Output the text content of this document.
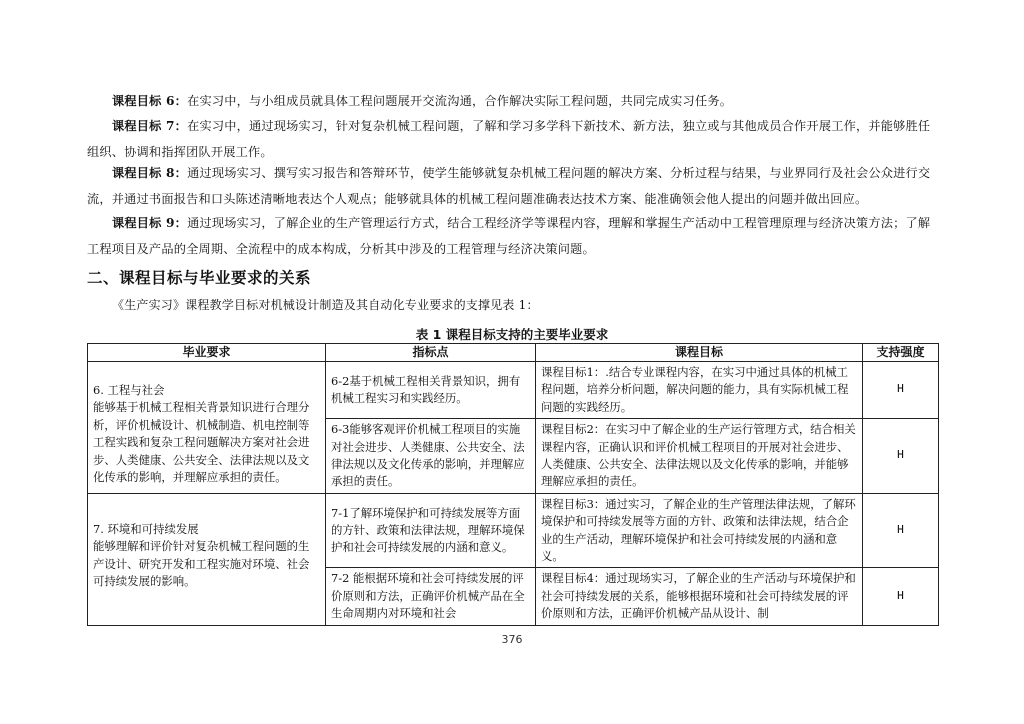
课程目标 6：在实习中，与小组成员就具体工程问题展开交流沟通，合作解决实际工程问题，共同完成实习任务。

课程目标 7：在实习中，通过现场实习，针对复杂机械工程问题，了解和学习多学科下新技术、新方法，独立或与其他成员合作开展工作，并能够胜任组织、协调和指挥团队开展工作。

课程目标 8：通过现场实习、撰写实习报告和答辩环节，使学生能够就复杂机械工程问题的解决方案、分析过程与结果，与业界同行及社会公众进行交流，并通过书面报告和口头陈述清晰地表达个人观点；能够就具体的机械工程问题准确表达技术方案、能准确领会他人提出的问题并做出回应。

课程目标 9：通过现场实习，了解企业的生产管理运行方式，结合工程经济学等课程内容，理解和掌握生产活动中工程管理原理与经济决策方法；了解工程项目及产品的全周期、全流程中的成本构成，分析其中涉及的工程管理与经济决策问题。

二、课程目标与毕业要求的关系

《生产实习》课程教学目标对机械设计制造及其自动化专业要求的支撑见表 1：

表 1 课程目标支持的主要毕业要求

毕业要求	指标点	课程目标	支持强度
6. 工程与社会
能够基于机械工程相关背景知识进行合理分析，评价机械设计、机械制造、机电控制等工程实践和复杂工程问题解决方案对社会进步、人类健康、公共安全、法律法规以及文化传承的影响，并理解应承担的责任。	6-2基于机械工程相关背景知识，拥有机械工程实习和实践经历。	课程目标1：.结合专业课程内容，在实习中通过具体的机械工程问题，培养分析问题，解决问题的能力，具有实际机械工程问题的实践经历。	H
	6-3能够客观评价机械工程项目的实施对社会进步、人类健康、公共安全、法律法规以及文化传承的影响，并理解应承担的责任。	课程目标2：在实习中了解企业的生产运行管理方式，结合相关课程内容，正确认识和评价机械工程项目的开展对社会进步、人类健康、公共安全、法律法规以及文化传承的影响，并能够理解应承担的责任。	H
7. 环境和可持续发展
能够理解和评价针对复杂机械工程问题的生产设计、研究开发和工程实施对环境、社会可持续发展的影响。	7-1了解环境保护和可持续发展等方面的方针、政策和法律法规，理解环境保护和社会可持续发展的内涵和意义。	课程目标3：通过实习，了解企业的生产管理法律法规，了解环境保护和可持续发展等方面的方针、政策和法律法规，结合企业的生产活动，理解环境保护和社会可持续发展的内涵和意义。	H
	7-2 能根据环境和社会可持续发展的评价原则和方法，正确评价机械产品在全生命周期内对环境和社会	课程目标4：通过现场实习，了解企业的生产活动与环境保护和社会可持续发展的关系，能够根据环境和社会可持续发展的评价原则和方法，正确评价机械产品从设计、制	H

376
